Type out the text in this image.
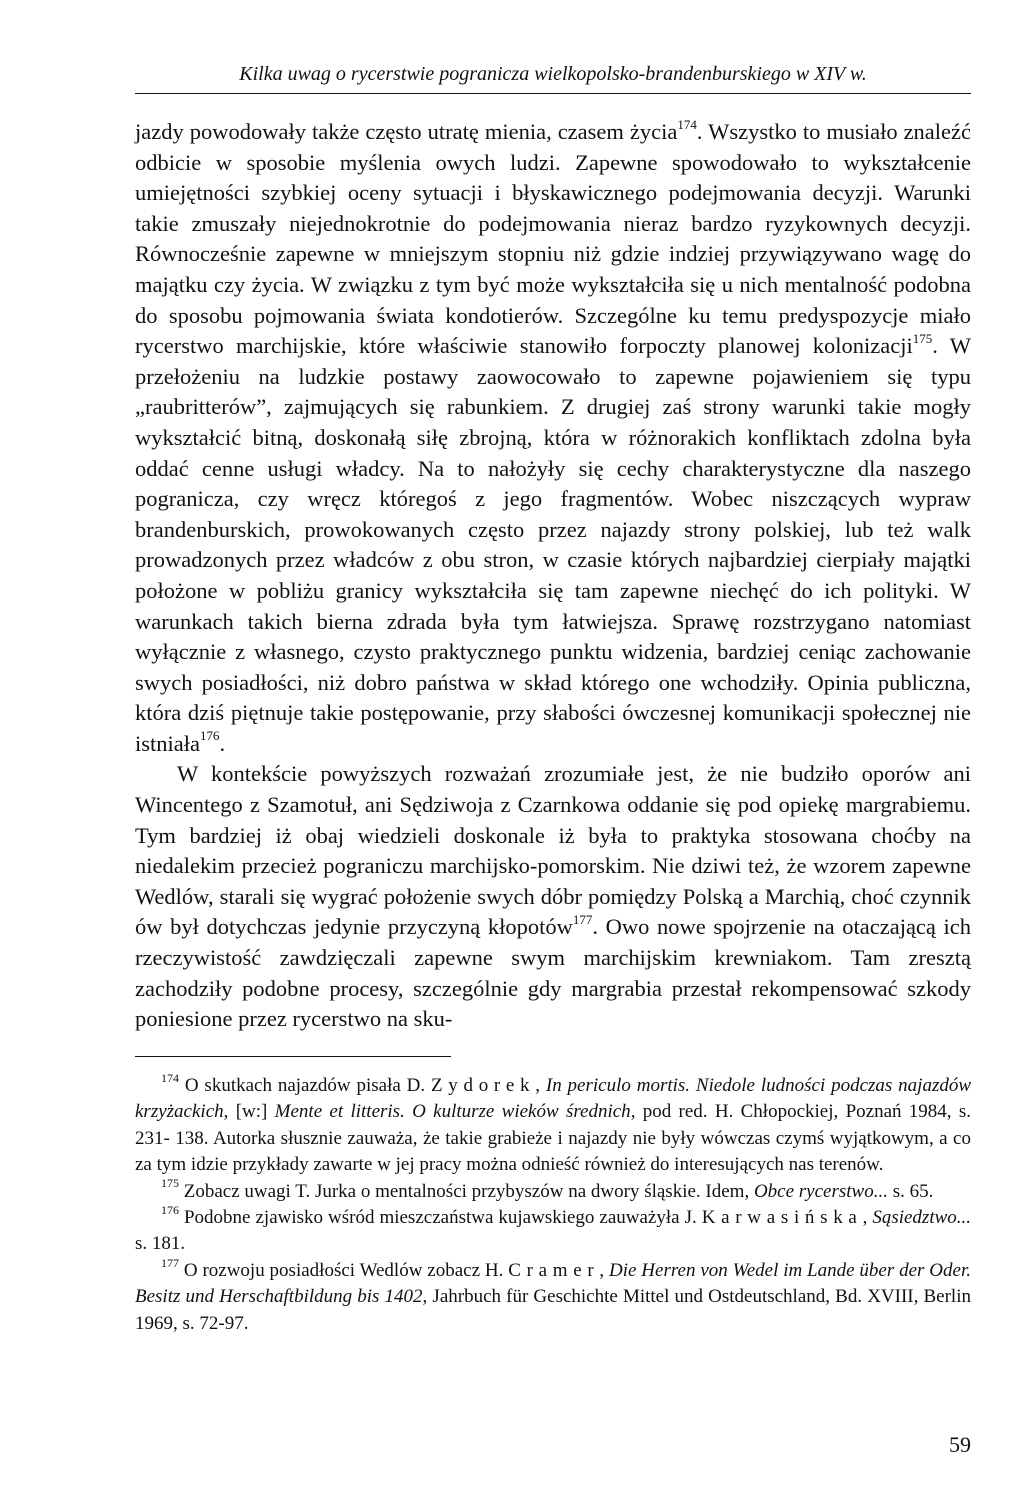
Kilka uwag o rycerstwie pogranicza wielkopolsko-brandenburskiego w XIV w.

jazdy powodowały także często utratę mienia, czasem życia$^{174}$. Wszystko to musiało znaleźć odbicie w sposobie myślenia owych ludzi. Zapewne spowodowało to wykształcenie umiejętności szybkiej oceny sytuacji i błyskawicznego podejmowania decyzji. Warunki takie zmuszały niejednokrotnie do podejmowania nieraz bardzo ryzykownych decyzji. Równocześnie zapewne w mniejszym stopniu niż gdzie indziej przywiązywano wagę do majątku czy życia. W związku z tym być może wykształciła się u nich mentalność podobna do sposobu pojmowania świata kondotierów. Szczególne ku temu predyspozycje miało rycerstwo marchijskie, które właściwie stanowiło forpoczty planowej kolonizacji$^{175}$. W przełożeniu na ludzkie postawy zaowocowało to zapewne pojawieniem się typu „raubritterów”, zajmujących się rabunkiem. Z drugiej zaś strony warunki takie mogły wykształcić bitną, doskonałą siłę zbrojną, która w różnorakich konfliktach zdolna była oddać cenne usługi władcy. Na to nałożyły się cechy charakterystyczne dla naszego pogranicza, czy wręcz któregoś z jego fragmentów. Wobec niszczących wypraw brandenburskich, prowokowanych często przez najazdy strony polskiej, lub też walk prowadzonych przez władców z obu stron, w czasie których najbardziej cierpiały majątki położone w pobliżu granicy wykształciła się tam zapewne niechęć do ich polityki. W warunkach takich bierna zdrada była tym łatwiejsza. Sprawę rozstrzygano natomiast wyłącznie z własnego, czysto praktycznego punktu widzenia, bardziej ceniąc zachowanie swych posiadłości, niż dobro państwa w skład którego one wchodziły. Opinia publiczna, która dziś piętnuje takie postępowanie, przy słabości ówczesnej komunikacji społecznej nie istniała$^{176}$.

W kontekście powyższych rozważań zrozumiałe jest, że nie budziło oporów ani Wincentego z Szamotuł, ani Sędziwoja z Czarnkowa oddanie się pod opiekę margrabiemu. Tym bardziej iż obaj wiedzieli doskonale iż była to praktyka stosowana choćby na niedalekim przecież pograniczu marchijsko-pomorskim. Nie dziwi też, że wzorem zapewne Wedlów, starali się wygrać położenie swych dóbr pomiędzy Polską a Marchią, choć czynnik ów był dotychczas jedynie przyczyną kłopotów$^{177}$. Owo nowe spojrzenie na otaczającą ich rzeczywistość zawdzięczali zapewne swym marchijskim krewniakom. Tam zresztą zachodziły podobne procesy, szczególnie gdy margrabia przestał rekompensować szkody poniesione przez rycerstwo na sku-

$^{174}$ O skutkach najazdów pisała D. Zydorek, In periculo mortis. Niedole ludności podczas najazdów krzyżackich, [w:] Mente et litteris. O kulturze wieków średnich, pod red. H. Chłopockiej, Poznań 1984, s. 231- 138. Autorka słusznie zauważa, że takie grabieże i najazdy nie były wówczas czymś wyjątkowym, a co za tym idzie przykłady zawarte w jej pracy można odnieść również do interesujących nas terenów.

$^{175}$ Zobacz uwagi T. Jurka o mentalności przybyszów na dwory śląskie. Idem, Obce rycerstwo... s. 65.

$^{176}$ Podobne zjawisko wśród mieszczaństwa kujawskiego zauważyła J. Karwasińska, Sąsiedztwo... s. 181.

$^{177}$ O rozwoju posiadłości Wedlów zobacz H. Cramer, Die Herren von Wedel im Lande über der Oder. Besitz und Herschaftbildung bis 1402, Jahrbuch für Geschichte Mittel und Ostdeutschland, Bd. XVIII, Berlin 1969, s. 72-97.

59
